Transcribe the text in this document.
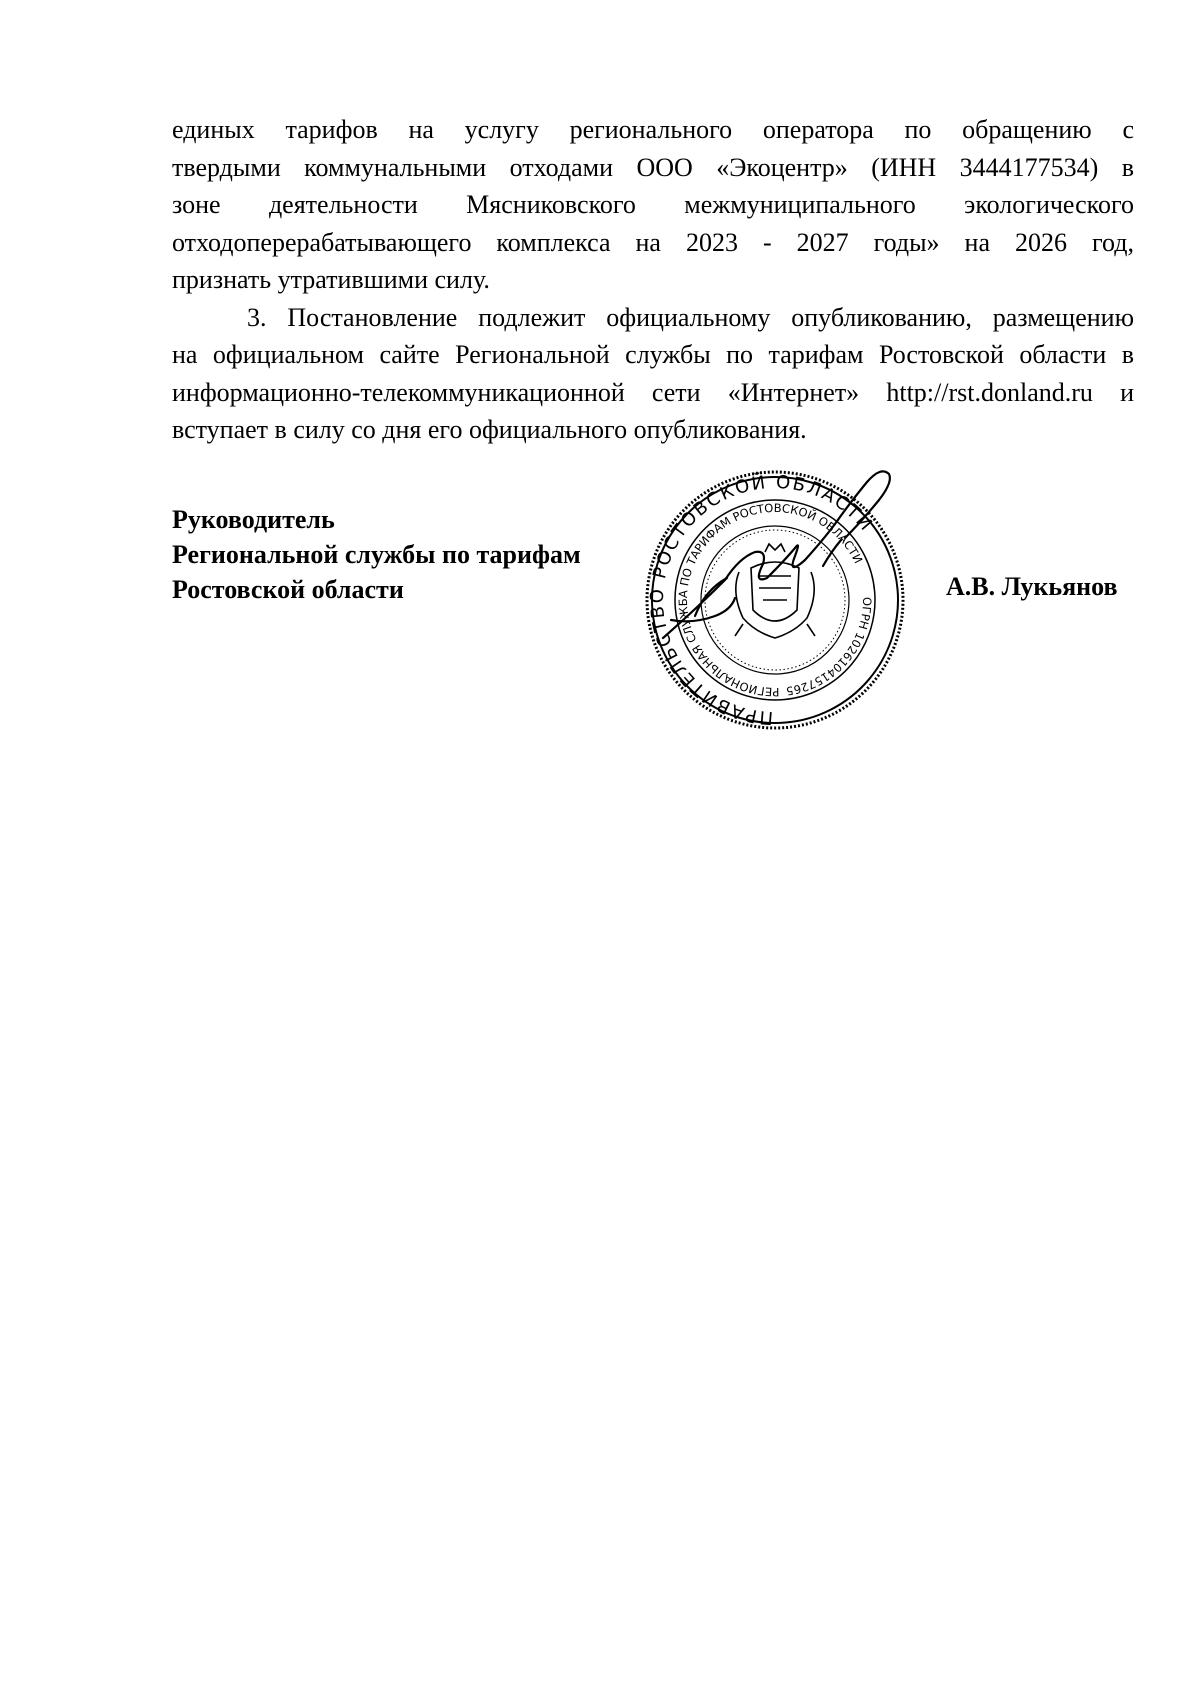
единых тарифов на услугу регионального оператора по обращению с
твердыми коммунальными отходами ООО «Экоцентр» (ИНН 3444177534) в
зоне деятельности Мясниковского межмуниципального экологического
отходоперерабатывающего комплекса на 2023 - 2027 годы» на 2026 год,
признать утратившими силу.

3. Постановление подлежит официальному опубликованию, размещению
на официальном сайте Региональной службы по тарифам Ростовской области в
информационно-телекоммуникационной сети «Интернет» http://rst.donland.ru и
вступает в силу со дня его официального опубликования.

Руководитель
Региональной службы по тарифам
Ростовской области
ПРАВИТЕЛЬСТВО РОСТОВСКОЙ ОБЛАСТИ
РЕГИОНАЛЬНАЯ СЛУЖБА ПО ТАРИФАМ РОСТОВСКОЙ ОБЛАСТИ
ОГРН 1026104157265
А.В. Лукьянов
